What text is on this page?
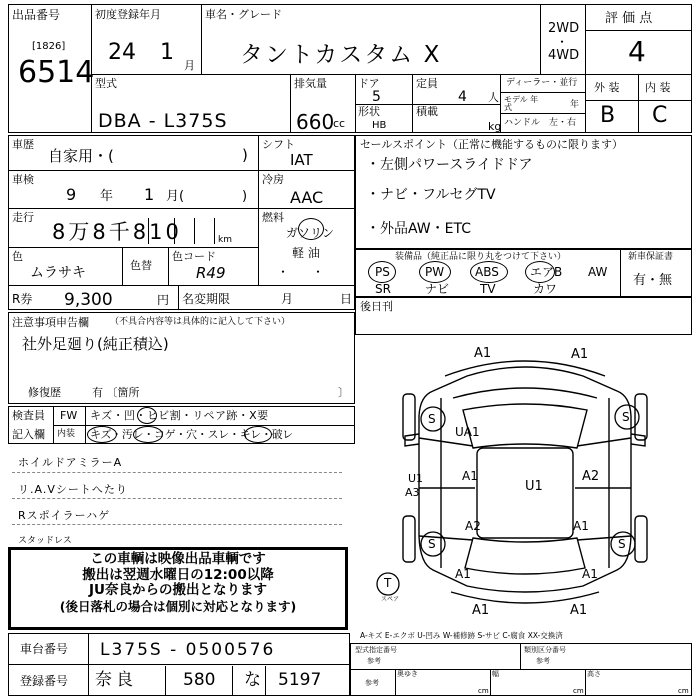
出品番号
[1826]
6514
初度登録年月
24 1
月
車名・グレード
タントカスタム X
2WD
・
4WD
評 価 点
4
型式
DBA - L375S
排気量
660
cc
ドア
5
定員
4 人
形状
HB
積載
kg
ディーラー・並行
モデル 年式	年
ハンドル 左・右
外 装 内 装
B C
車歴
自家用・(	)
シフト
IAT
車検
9 年 1 月(	)
冷房
AAC
走行
8万8千810	km
燃料
ガソリン
軽 油
・ ・
色
ムラサキ	色替
色コード
R49
R券 9,300	円 名変期限	月	日
セールスポイント（正常に機能するものに限ります）
・左側パワースライドドア
・ナビ・フルセグTV
・外品AW・ETC
装備品（純正品に限り丸をつけて下さい）	新車保証書
有・無
PS	PW	ABS	エアB AW
SR	ナビ	TV	カワ
後日刊
注意事項申告欄 （不具合内容等は具体的に記入して下さい）
社外足廻り(純正積込)
修復歴	有 〔箇所	〕
検査員
記入欄
FW キズ・凹・ヒビ割・リペア跡・X要
内装 キズ・汚レ・コゲ・穴・スレ・キレ・破レ
ホイルドアミラーA
リ.A.Vシートへたり
Rスポイラーハゲ
スタッドレス
この車輌は映像出品車輌です
搬出は翌週水曜日の12:00以降
JU奈良からの搬出となります
(後日落札の場合は個別に対応となります)
車台番号 L375S - 0500576
登録番号 奈良	580 な 5197
A-キズ E-エクボ U-凹み W-補修跡 S-サビ C-腐食 XX-交換済
型式指定番号
参考
類別区分番号
参考
奥ゆき	幅	高さ
cm	cm	cm
参考
A1	A1
S	S
UA1
U1
A3
A1
U1
A2
A2	A1
S	S
A1	A1
A1	A1
T
スペア
